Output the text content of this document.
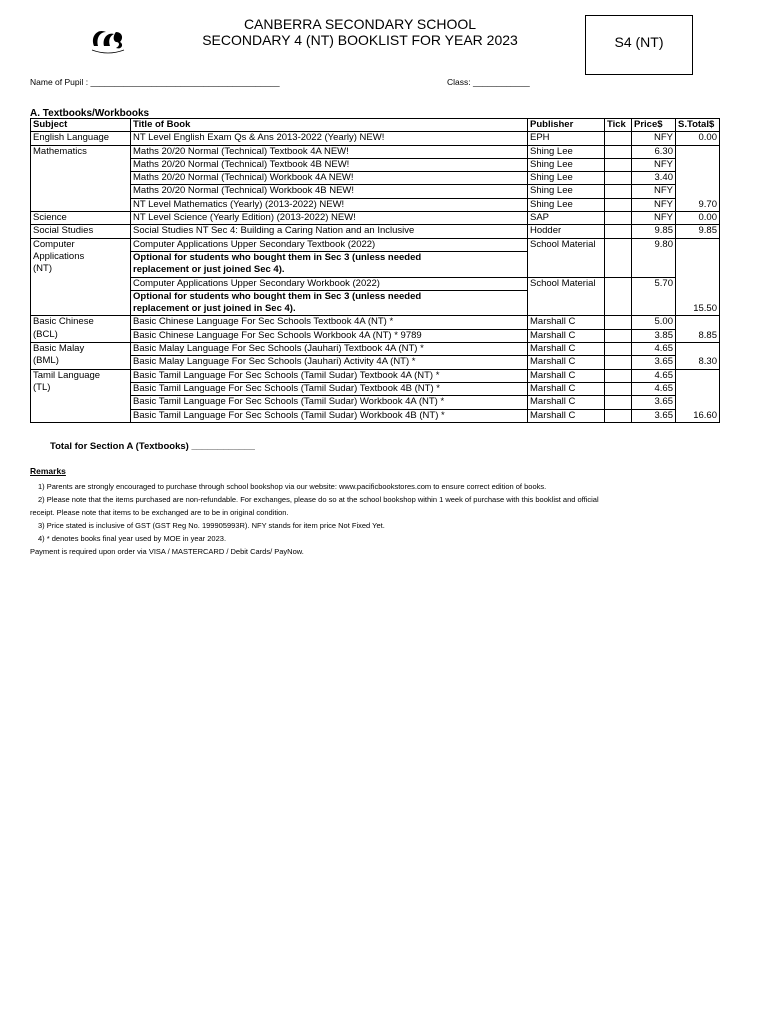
CANBERRA SECONDARY SCHOOL
SECONDARY 4 (NT) BOOKLIST FOR YEAR 2023	S4 (NT)
Name of Pupil : ________________________________________	Class: ____________
A. Textbooks/Workbooks
Subject	Title of Book	Publisher	Tick	Price$	S.Total$
English Language	NT Level English Exam Qs & Ans 2013-2022 (Yearly) NEW!	EPH		NFY	0.00
Mathematics	Maths 20/20 Normal (Technical) Textbook 4A NEW!	Shing Lee		6.30	9.70
	Maths 20/20 Normal (Technical) Textbook 4B NEW!	Shing Lee		NFY	
	Maths 20/20 Normal (Technical) Workbook 4A NEW!	Shing Lee		3.40	
	Maths 20/20 Normal (Technical) Workbook 4B NEW!	Shing Lee		NFY	
	NT Level Mathematics (Yearly) (2013-2022) NEW!	Shing Lee		NFY	
Science	NT Level Science (Yearly Edition) (2013-2022) NEW!	SAP		NFY	0.00
Social Studies	Social Studies NT Sec 4: Building a Caring Nation and an Inclusive	Hodder		9.85	9.85

Computer
Applications
(NT)	Computer Applications Upper Secondary Textbook (2022)	School Material		9.80	15.50
	Optional for students who bought them in Sec 3 (unless needed				
	replacement or just joined Sec 4).				
	Computer Applications Upper Secondary Workbook (2022)	School Material		5.70	
	Optional for students who bought them in Sec 3 (unless needed				
	replacement or just joined in Sec 4).				

Basic Chinese
(BCL)	Basic Chinese Language For Sec Schools Textbook 4A (NT) *	Marshall C		5.00	8.85
	Basic Chinese Language For Sec Schools Workbook 4A (NT) * 9789	Marshall C		3.85	

Basic Malay
(BML)	Basic Malay Language For Sec Schools (Jauhari) Textbook 4A (NT) *	Marshall C		4.65	8.30
	Basic Malay Language For Sec Schools (Jauhari) Activity 4A (NT) *	Marshall C		3.65	

Tamil Language
(TL)	Basic Tamil Language For Sec Schools (Tamil Sudar) Textbook 4A (NT) *	Marshall C		4.65	16.60
	Basic Tamil Language For Sec Schools (Tamil Sudar) Textbook 4B (NT) *	Marshall C		4.65	
	Basic Tamil Language For Sec Schools (Tamil Sudar) Workbook 4A (NT) *	Marshall C		3.65	
	Basic Tamil Language For Sec Schools (Tamil Sudar) Workbook 4B (NT) *	Marshall C		3.65	
Total for Section A (Textbooks) ____________
Remarks
1) Parents are strongly encouraged to purchase through school bookshop via our website: www.pacificbookstores.com to ensure correct edition of books.
2) Please note that the items purchased are non-refundable. For exchanges, please do so at the school bookshop within 1 week of purchase with this booklist and official
receipt. Please note that items to be exchanged are to be in original condition.
3) Price stated is inclusive of GST (GST Reg No. 199905993R). NFY stands for item price Not Fixed Yet.
4) * denotes books final year used by MOE in year 2023.
Payment is required upon order via VISA / MASTERCARD / Debit Cards/ PayNow.
